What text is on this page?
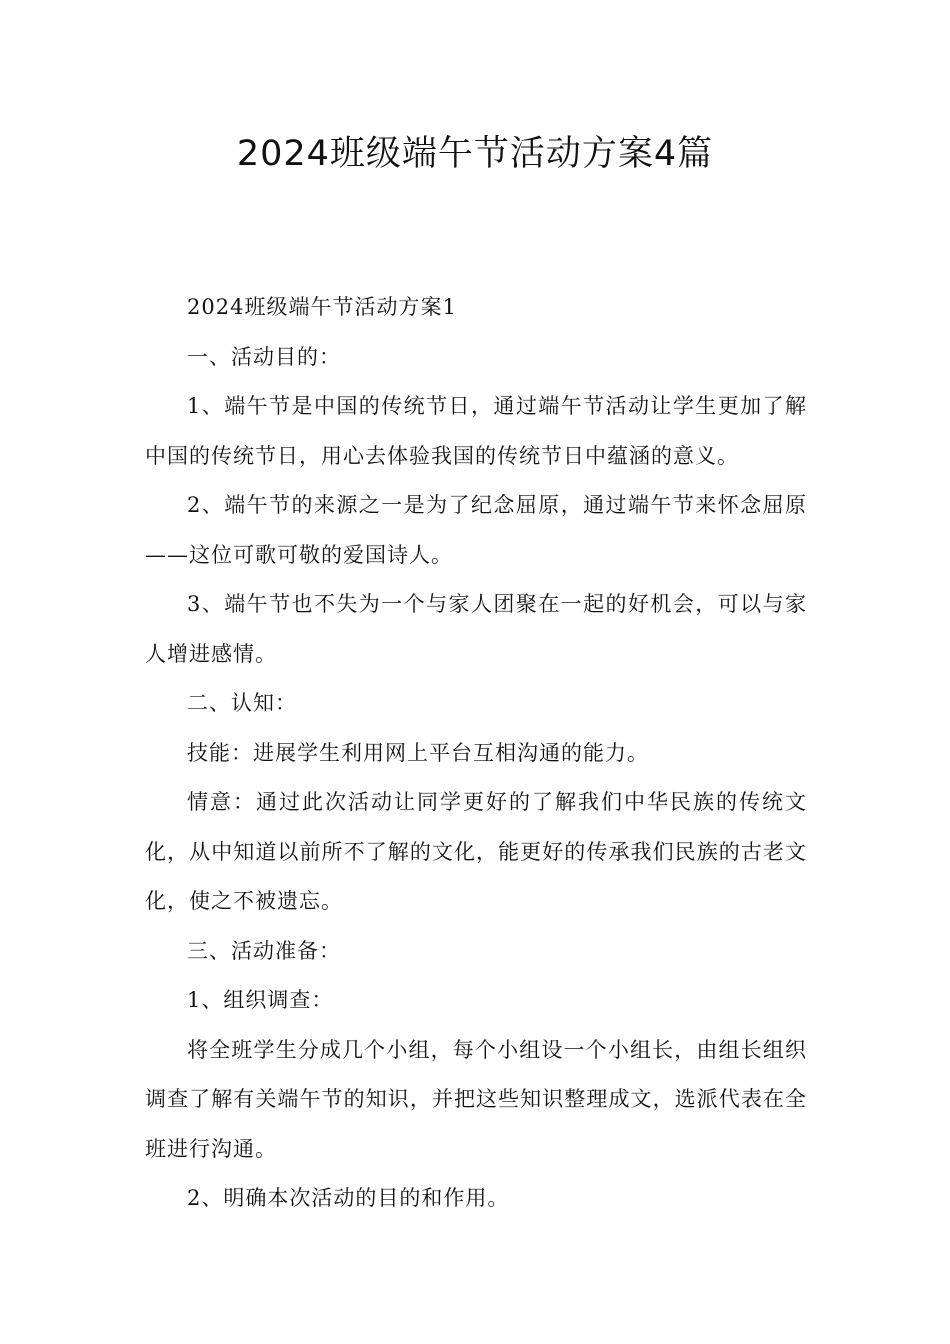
2024班级端午节活动方案4篇

2024班级端午节活动方案1

一、活动目的：

1、端午节是中国的传统节日，通过端午节活动让学生更加了解中国的传统节日，用心去体验我国的传统节日中蕴涵的意义。

2、端午节的来源之一是为了纪念屈原，通过端午节来怀念屈原——这位可歌可敬的爱国诗人。

3、端午节也不失为一个与家人团聚在一起的好机会，可以与家人增进感情。

二、认知：

技能：进展学生利用网上平台互相沟通的能力。

情意：通过此次活动让同学更好的了解我们中华民族的传统文化，从中知道以前所不了解的文化，能更好的传承我们民族的古老文化，使之不被遗忘。

三、活动准备：

1、组织调查：

将全班学生分成几个小组，每个小组设一个小组长，由组长组织调查了解有关端午节的知识，并把这些知识整理成文，选派代表在全班进行沟通。

2、明确本次活动的目的和作用。
